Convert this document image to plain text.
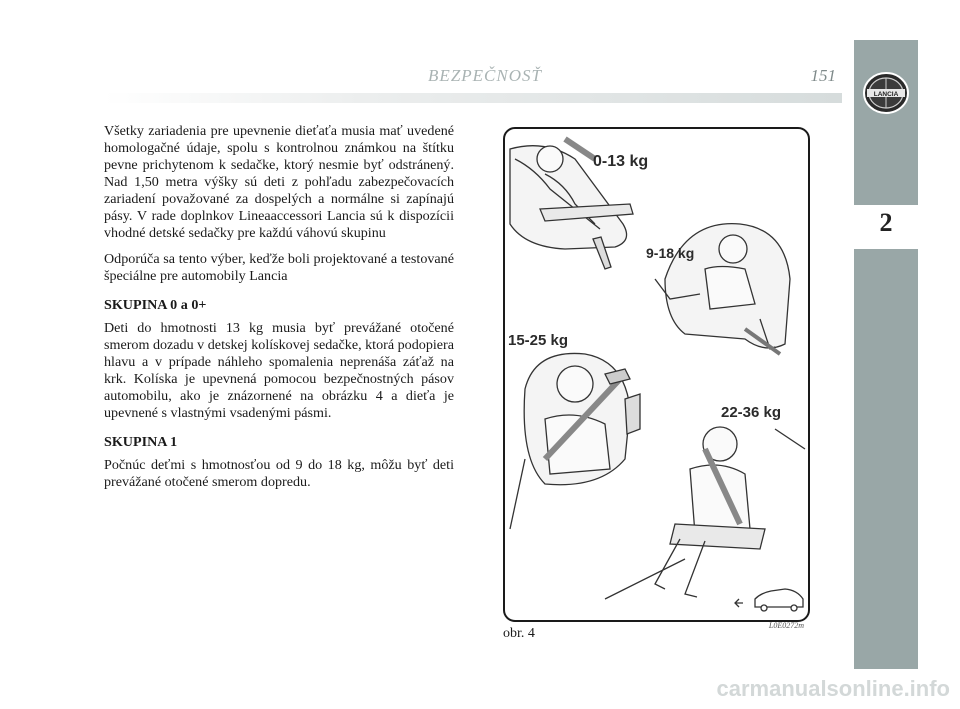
BEZPEČNOSŤ	151
2
LANCIA

Všetky zariadenia pre upevnenie dieťaťa musia mať uvedené homologačné údaje, spolu s kontrolnou známkou na štítku pevne prichytenom k sedačke, ktorý nesmie byť odstránený. Nad 1,50 metra výšky sú deti z pohľadu zabezpečovacích zariadení považované za dospelých a normálne si zapínajú pásy. V rade doplnkov Lineaaccessori Lancia sú k dispozícii vhodné detské sedačky pre každú váhovú skupinu

Odporúča sa tento výber, keďže boli projektované a testované špeciálne pre automobily Lancia

SKUPINA 0 a 0+

Deti do hmotnosti 13 kg musia byť prevážané otočené smerom dozadu v detskej kolískovej sedačke, ktorá podopiera hlavu a v prípade náhleho spomalenia neprenáša záťaž na krk. Kolíska je upevnená pomocou bezpečnostných pásov automobilu, ako je znázornené na obrázku 4 a dieťa je upevnené s vlastnými vsadenými pásmi.

SKUPINA 1

Počnúc deťmi s hmotnosťou od 9 do 18 kg, môžu byť deti prevážané otočené smerom dopredu.

0-13 kg
9-18 kg
15-25 kg
22-36 kg
L0E0272m
obr. 4
carmanualsonline.info
